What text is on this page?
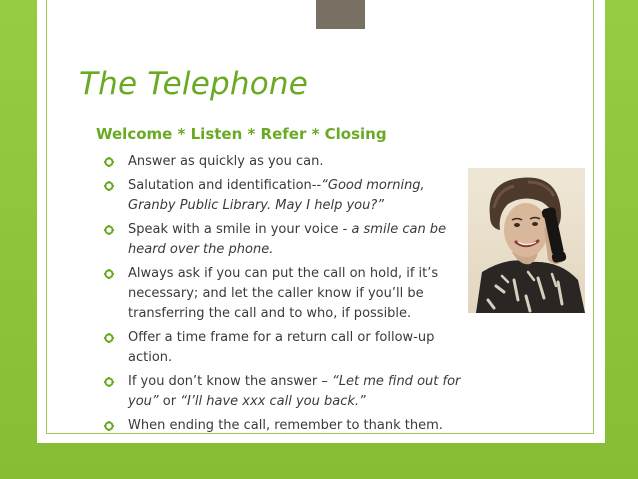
The Telephone
Welcome * Listen * Refer * Closing
Answer as quickly as you can.
Salutation and identification--“Good morning, Granby Public Library. May I help you?”
Speak with a smile in your voice - a smile can be heard over the phone.
Always ask if you can put the call on hold, if it’s necessary; and let the caller know if you’ll be transferring the call and to who, if possible.
Offer a time frame for a return call or follow-up action.
If you don’t know the answer – “Let me find out for you” or “I’ll have xxx call you back.”
When ending the call, remember to thank them.
